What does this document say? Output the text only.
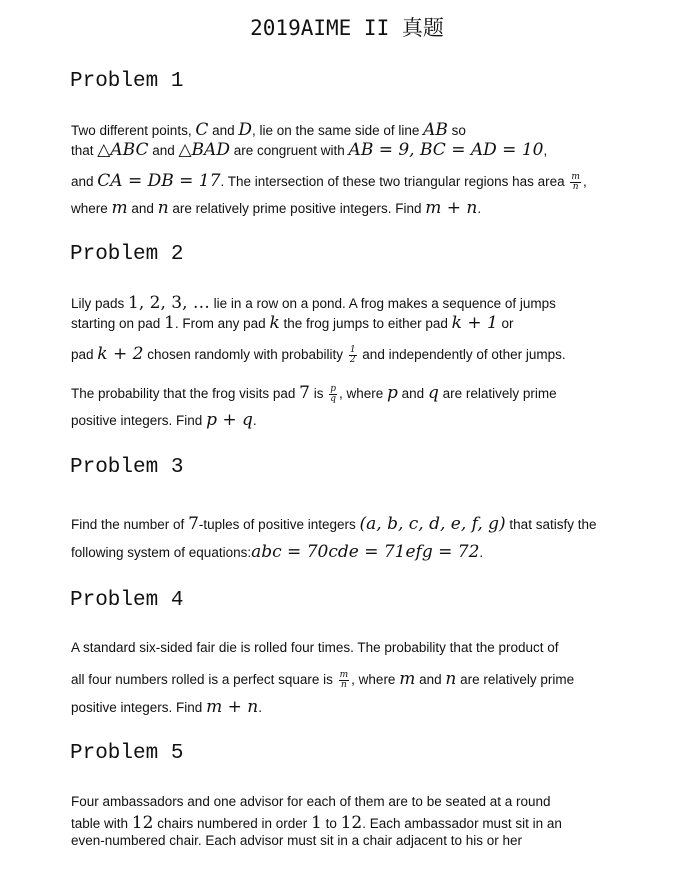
2019AIME II 真题
Problem 1
Two different points, C and D, lie on the same side of line AB so
that △ABC and △BAD are congruent with AB = 9, BC = AD = 10,
and CA = DB = 17. The intersection of these two triangular regions has area $\frac{m}{n}$ ,
where m and n are relatively prime positive integers. Find m + n.
Problem 2
Lily pads 1, 2, 3, … lie in a row on a pond. A frog makes a sequence of jumps
starting on pad 1. From any pad k the frog jumps to either pad k + 1 or
pad k + 2 chosen randomly with probability $\frac{1}{2}$ and independently of other jumps.
The probability that the frog visits pad 7 is $\frac{p}{q}$ , where p and q are relatively prime
positive integers. Find p + q.
Problem 3
Find the number of 7-tuples of positive integers (a, b, c, d, e, f, g) that satisfy the
following system of equations:abc = 70cde = 71efg = 72.
Problem 4
A standard six-sided fair die is rolled four times. The probability that the product of
all four numbers rolled is a perfect square is $\frac{m}{n}$ , where m and n are relatively prime
positive integers. Find m + n.
Problem 5
Four ambassadors and one advisor for each of them are to be seated at a round
table with 12 chairs numbered in order 1 to 12. Each ambassador must sit in an
even-numbered chair. Each advisor must sit in a chair adjacent to his or her
